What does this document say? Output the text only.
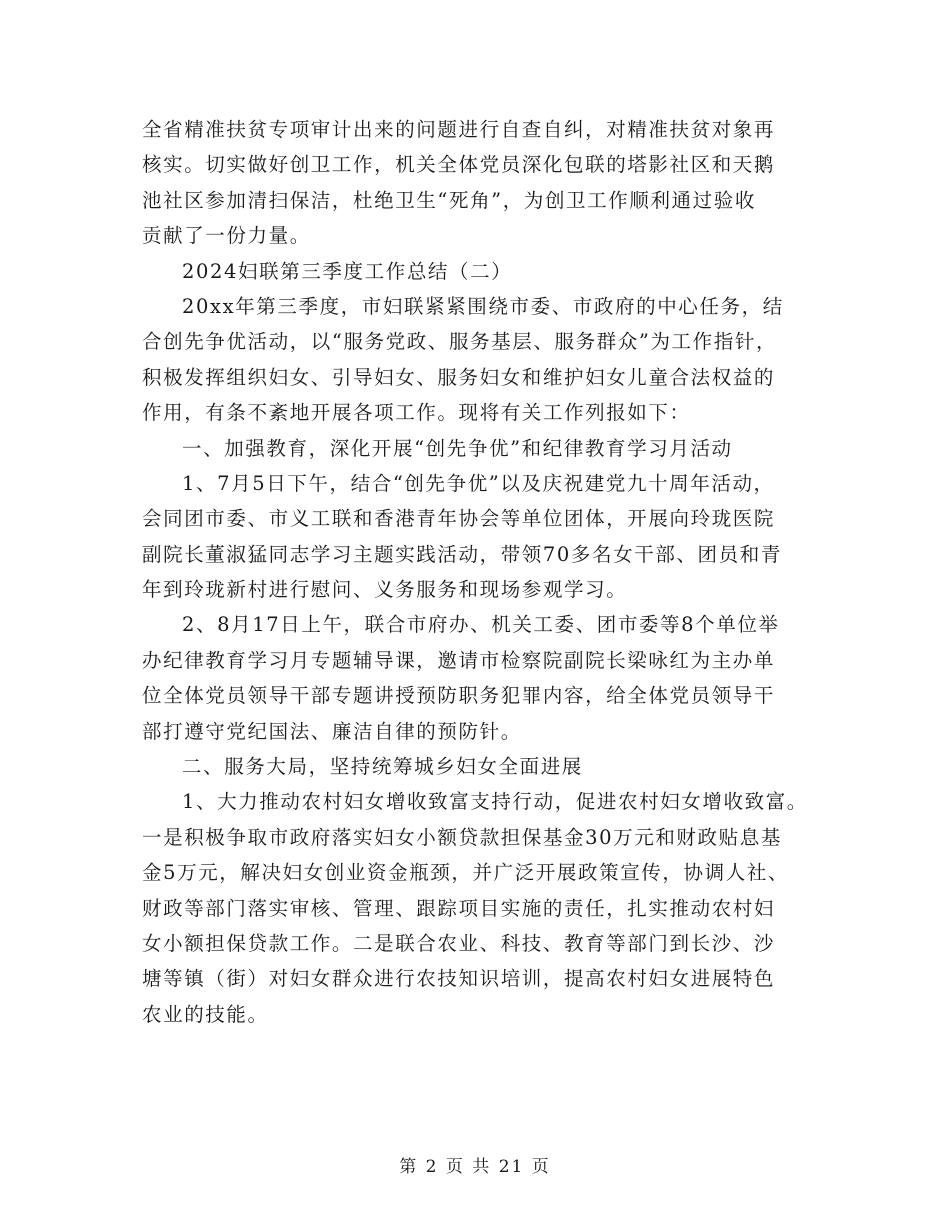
全省精准扶贫专项审计出来的问题进行自查自纠，对精准扶贫对象再
核实。切实做好创卫工作，机关全体党员深化包联的塔影社区和天鹅
池社区参加清扫保洁，杜绝卫生“死角”，为创卫工作顺利通过验收
贡献了一份力量。
2024妇联第三季度工作总结（二）
20xx年第三季度，市妇联紧紧围绕市委、市政府的中心任务，结
合创先争优活动，以“服务党政、服务基层、服务群众”为工作指针，
积极发挥组织妇女、引导妇女、服务妇女和维护妇女儿童合法权益的
作用，有条不紊地开展各项工作。现将有关工作列报如下：
一、加强教育，深化开展“创先争优”和纪律教育学习月活动
1、7月5日下午，结合“创先争优”以及庆祝建党九十周年活动，
会同团市委、市义工联和香港青年协会等单位团体，开展向玲珑医院
副院长董淑猛同志学习主题实践活动，带领70多名女干部、团员和青
年到玲珑新村进行慰问、义务服务和现场参观学习。
2、8月17日上午，联合市府办、机关工委、团市委等8个单位举
办纪律教育学习月专题辅导课，邀请市检察院副院长梁咏红为主办单
位全体党员领导干部专题讲授预防职务犯罪内容，给全体党员领导干
部打遵守党纪国法、廉洁自律的预防针。
二、服务大局，坚持统筹城乡妇女全面进展
1、大力推动农村妇女增收致富支持行动，促进农村妇女增收致富。
一是积极争取市政府落实妇女小额贷款担保基金30万元和财政贴息基
金5万元，解决妇女创业资金瓶颈，并广泛开展政策宣传，协调人社、
财政等部门落实审核、管理、跟踪项目实施的责任，扎实推动农村妇
女小额担保贷款工作。二是联合农业、科技、教育等部门到长沙、沙
塘等镇（街）对妇女群众进行农技知识培训，提高农村妇女进展特色
农业的技能。
第 2 页 共 21 页
